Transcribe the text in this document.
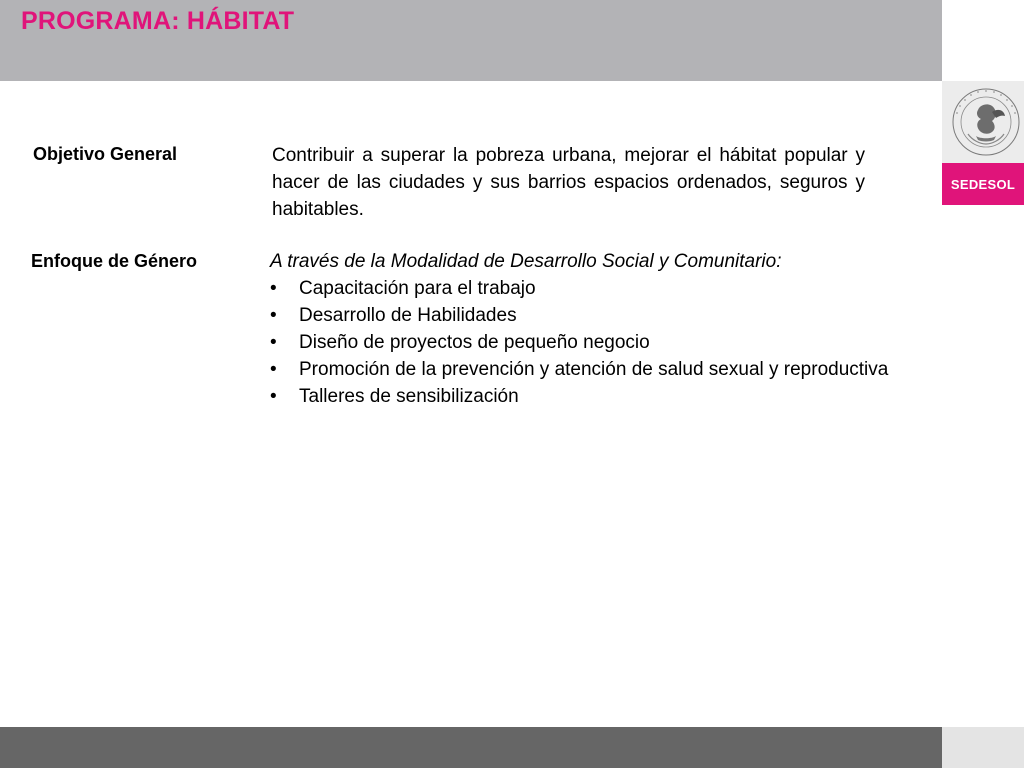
PROGRAMA: HÁBITAT
SEDESOL
Objetivo General	Contribuir a superar la pobreza urbana, mejorar el hábitat popular y hacer de las ciudades y sus barrios espacios ordenados, seguros y habitables.
Enfoque de Género	A través de la Modalidad de Desarrollo Social y Comunitario:
• Capacitación para el trabajo
• Desarrollo de Habilidades
• Diseño de proyectos de pequeño negocio
• Promoción de la prevención y atención de salud sexual y reproductiva
• Talleres de sensibilización
